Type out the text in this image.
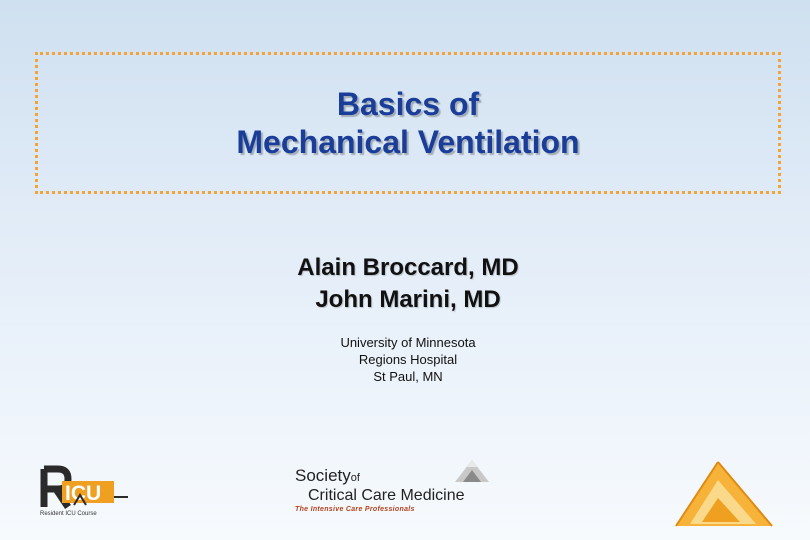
Basics of
Mechanical Ventilation
Alain Broccard, MD
John Marini, MD
University of Minnesota
Regions Hospital
St Paul, MN
ICU
Resident ICU Course
Societyof
Critical Care Medicine
The Intensive Care Professionals
